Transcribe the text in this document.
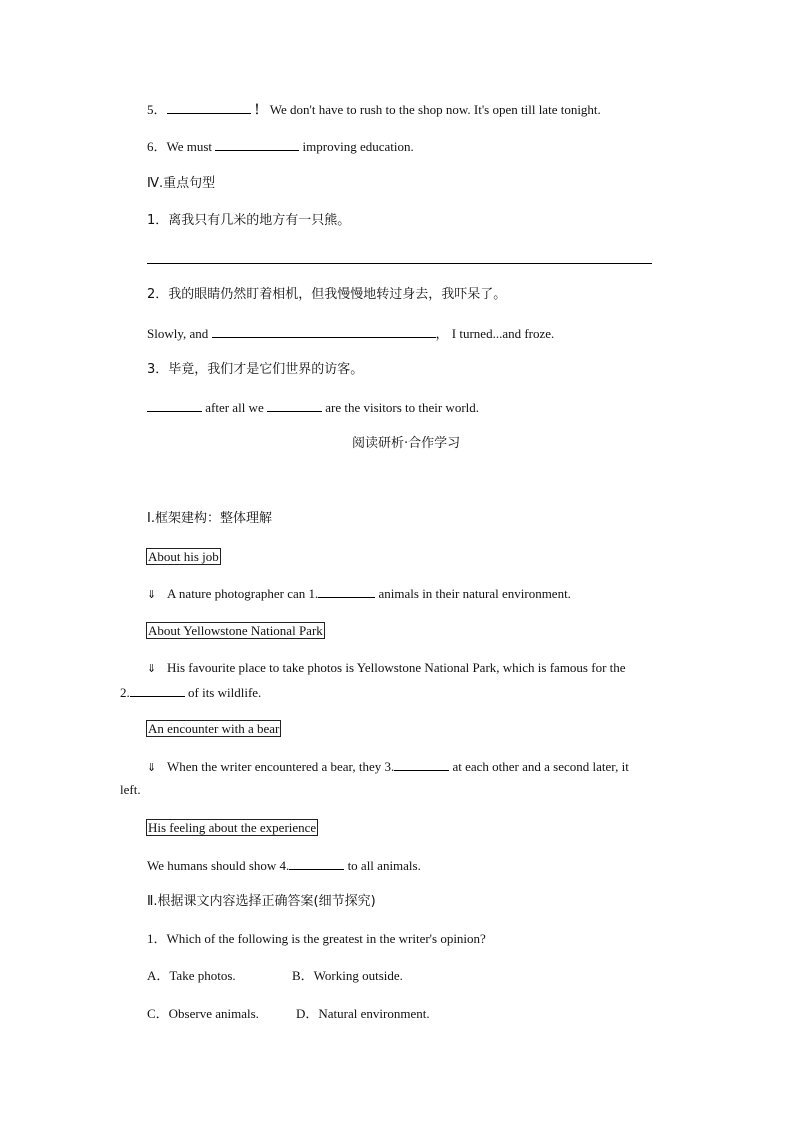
5．	！ We don't have to rush to the shop now. It's open till late tonight.
6．We must	improving education.
Ⅳ.重点句型
1．离我只有几米的地方有一只熊。
2．我的眼睛仍然盯着相机，但我慢慢地转过身去，我吓呆了。
Slowly, and	， I turned...and froze.
3．毕竟，我们才是它们世界的访客。
after all we	are the visitors to their world.
阅读研析·合作学习
Ⅰ.框架建构：整体理解
About his job
⇓ A nature photographer can 1.	animals in their natural environment.
About Yellowstone National Park
⇓ His favourite place to take photos is Yellowstone National Park, which is famous for the
2.	of its wildlife.
An encounter with a bear
⇓ When the writer encountered a bear, they 3.	at each other and a second later, it
left.
His feeling about the experience
We humans should show 4.	to all animals.
Ⅱ.根据课文内容选择正确答案(细节探究)
1．Which of the following is the greatest in the writer's opinion?
A．Take photos.	B．Working outside.
C．Observe animals.	D．Natural environment.
